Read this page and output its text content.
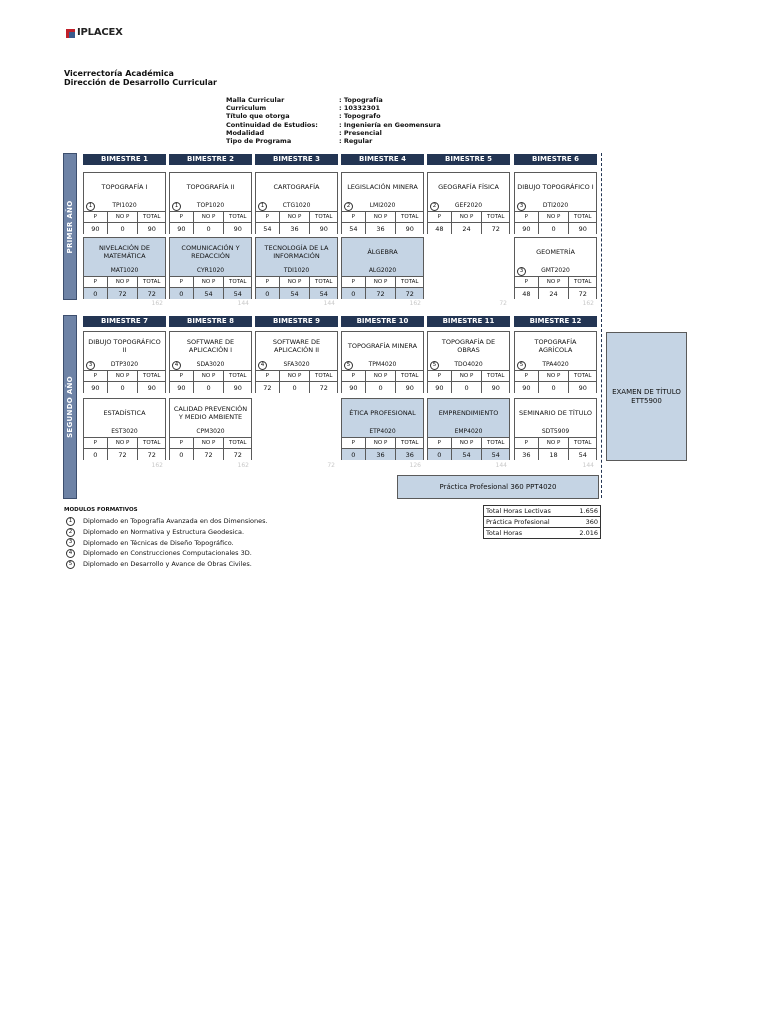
IPLACEX
Vicerrectoría Académica
Dirección de Desarrollo Curricular
Malla Curricular	: Topografía
Curriculum	: 10332301
Título que otorga	: Topografo
Continuidad de Estudios:	: Ingeniería en Geomensura
Modalidad	: Presencial
Tipo de Programa	: Regular
PRIMER AÑO
SEGUNDO AÑO
BIMESTRE 1
162
BIMESTRE 2
144
BIMESTRE 3
144
BIMESTRE 4
162
BIMESTRE 5
72
BIMESTRE 6
162
BIMESTRE 7
162
BIMESTRE 8
162
BIMESTRE 9
72
BIMESTRE 10
126
BIMESTRE 11
144
BIMESTRE 12
144
TOPOGRAFÍA I
1	TPI1020
P	NO P	TOTAL
90	0	90
TOPOGRAFÍA II
1	TOP1020
P	NO P	TOTAL
90	0	90
CARTOGRAFÍA
1	CTG1020
P	NO P	TOTAL
54	36	90
LEGISLACIÓN MINERA
2	LMI2020
P	NO P	TOTAL
54	36	90
GEOGRAFÍA FÍSICA
2	GEF2020
P	NO P	TOTAL
48	24	72
DIBUJO TOPOGRÁFICO I
3	DTI2020
P	NO P	TOTAL
90	0	90
NIVELACIÓN DE MATEMÁTICA
MAT1020
P	NO P	TOTAL
0	72	72
COMUNICACIÓN Y REDACCIÓN
CYR1020
P	NO P	TOTAL
0	54	54
TECNOLOGÍA DE LA INFORMACIÓN
TDI1020
P	NO P	TOTAL
0	54	54
ÁLGEBRA
ALG2020
P	NO P	TOTAL
0	72	72
GEOMETRÍA
3	GMT2020
P	NO P	TOTAL
48	24	72
DIBUJO TOPOGRÁFICO II
3	DTP3020
P	NO P	TOTAL
90	0	90
SOFTWARE DE APLICACIÓN I
4	SDA3020
P	NO P	TOTAL
90	0	90
SOFTWARE DE APLICACIÓN II
4	SFA3020
P	NO P	TOTAL
72	0	72
TOPOGRAFÍA MINERA
5	TPM4020
P	NO P	TOTAL
90	0	90
TOPOGRAFÍA DE OBRAS
5	TDO4020
P	NO P	TOTAL
90	0	90
TOPOGRAFÍA AGRÍCOLA
5	TPA4020
P	NO P	TOTAL
90	0	90
ESTADÍSTICA
EST3020
P	NO P	TOTAL
0	72	72
CALIDAD PREVENCIÓN Y MEDIO AMBIENTE
CPM3020
P	NO P	TOTAL
0	72	72
ÉTICA PROFESIONAL
ETP4020
P	NO P	TOTAL
0	36	36
EMPRENDIMIENTO
EMP4020
P	NO P	TOTAL
0	54	54
SEMINARIO DE TÍTULO
SDT5909
P	NO P	TOTAL
36	18	54
EXAMEN DE TÍTULO ETT5900
Práctica Profesional 360 PPT4020
MODULOS FORMATIVOS
1	Diplomado en Topografía Avanzada en dos Dimensiones.
2	Diplomado en Normativa y Estructura Geodesica.
3	Diplomado en Técnicas de Diseño Topográfico.
4	Diplomado en Construcciones Computacionales 3D.
5	Diplomado en Desarrollo y Avance de Obras Civiles.
Total Horas Lectivas	1.656
Práctica Profesional	360
Total Horas	2.016
